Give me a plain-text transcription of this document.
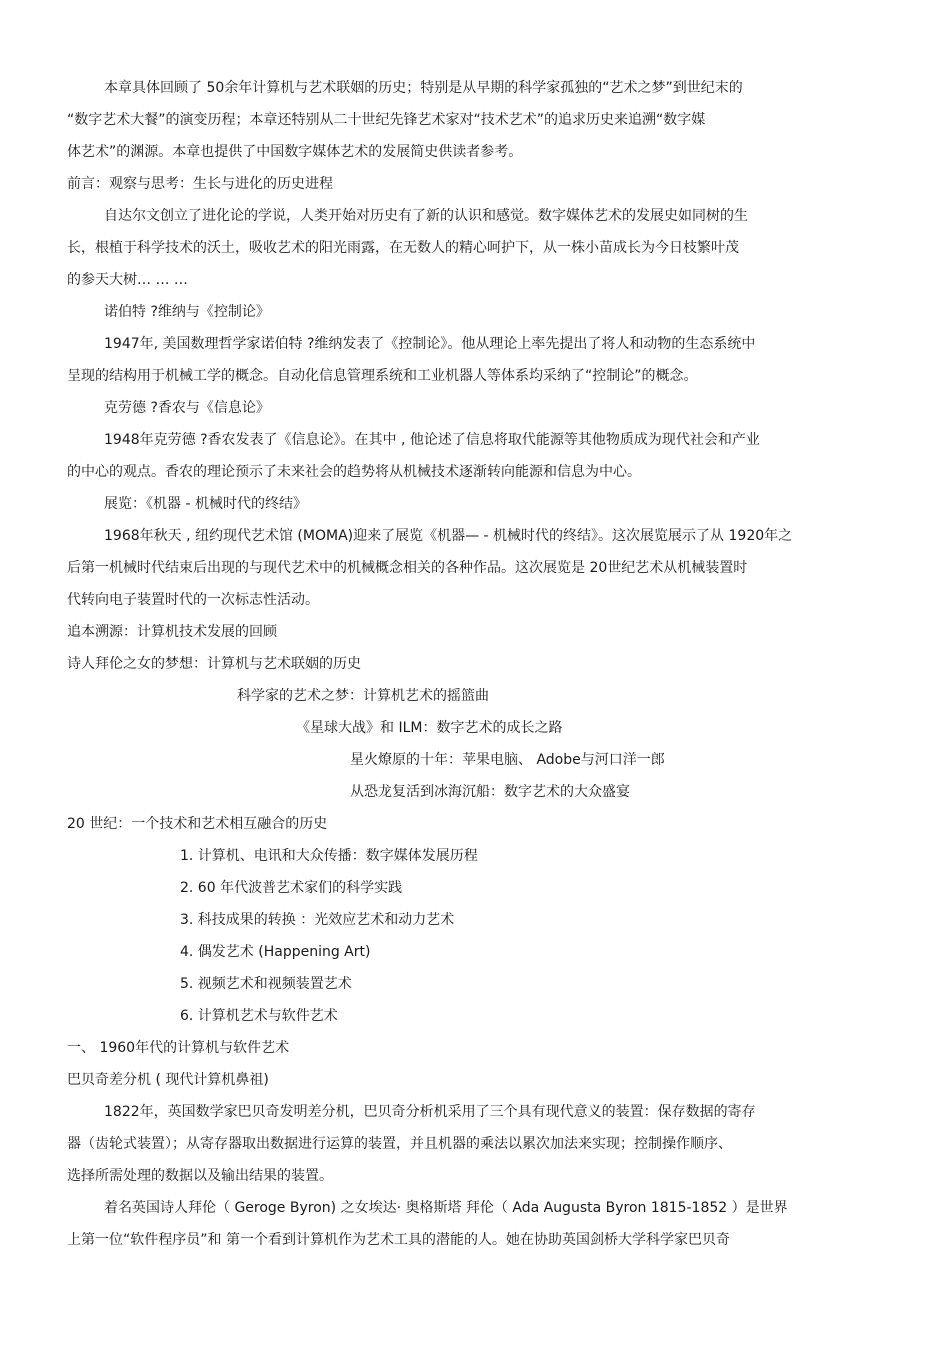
本章具体回顾了 50余年计算机与艺术联姻的历史；特别是从早期的科学家孤独的“艺术之梦”到世纪末的
“数字艺术大餐”的演变历程；本章还特别从二十世纪先锋艺术家对“技术艺术”的追求历史来追溯“数字媒
体艺术”的渊源。本章也提供了中国数字媒体艺术的发展简史供读者参考。
前言：观察与思考：生长与进化的历史进程
自达尔文创立了进化论的学说，人类开始对历史有了新的认识和感觉。数字媒体艺术的发展史如同树的生
长，根植于科学技术的沃土，吸收艺术的阳光雨露，在无数人的精心呵护下，从一株小苗成长为今日枝繁叶茂
的参天大树… … …
诺伯特 ?维纳与《控制论》
1947年, 美国数理哲学家诺伯特 ?维纳发表了《控制论》。他从理论上率先提出了将人和动物的生态系统中
呈现的结构用于机械工学的概念。自动化信息管理系统和工业机器人等体系均采纳了“控制论”的概念。
克劳德 ?香农与《信息论》
1948年克劳德 ?香农发表了《信息论》。在其中 , 他论述了信息将取代能源等其他物质成为现代社会和产业
的中心的观点。香农的理论预示了未来社会的趋势将从机械技术逐渐转向能源和信息为中心。
展览：《机器 - 机械时代的终结》
1968年秋天 , 纽约现代艺术馆 (MOMA)迎来了展览《机器— - 机械时代的终结》。这次展览展示了从 1920年之
后第一机械时代结束后出现的与现代艺术中的机械概念相关的各种作品。这次展览是 20世纪艺术从机械装置时
代转向电子装置时代的一次标志性活动。
追本溯源：计算机技术发展的回顾
诗人拜伦之女的梦想：计算机与艺术联姻的历史
科学家的艺术之梦：计算机艺术的摇篮曲
《星球大战》和 ILM：数字艺术的成长之路
星火燎原的十年：苹果电脑、 Adobe与河口洋一郎
从恐龙复活到冰海沉船：数字艺术的大众盛宴
20 世纪：一个技术和艺术相互融合的历史
1. 计算机、电讯和大众传播：数字媒体发展历程
2. 60 年代波普艺术家们的科学实践
3. 科技成果的转换 ：光效应艺术和动力艺术
4. 偶发艺术 (Happening Art)
5. 视频艺术和视频装置艺术
6. 计算机艺术与软件艺术
一、 1960年代的计算机与软件艺术
巴贝奇差分机 ( 现代计算机鼻祖)
1822年，英国数学家巴贝奇发明差分机，巴贝奇分析机采用了三个具有现代意义的装置：保存数据的寄存
器（齿轮式装置）；从寄存器取出数据进行运算的装置，并且机器的乘法以累次加法来实现；控制操作顺序、
选择所需处理的数据以及输出结果的装置。
着名英国诗人拜伦（ Geroge Byron) 之女埃达· 奥格斯塔 拜伦（ Ada Augusta Byron 1815-1852 ）是世界
上第一位“软件程序员”和 第一个看到计算机作为艺术工具的潜能的人。她在协助英国剑桥大学科学家巴贝奇
